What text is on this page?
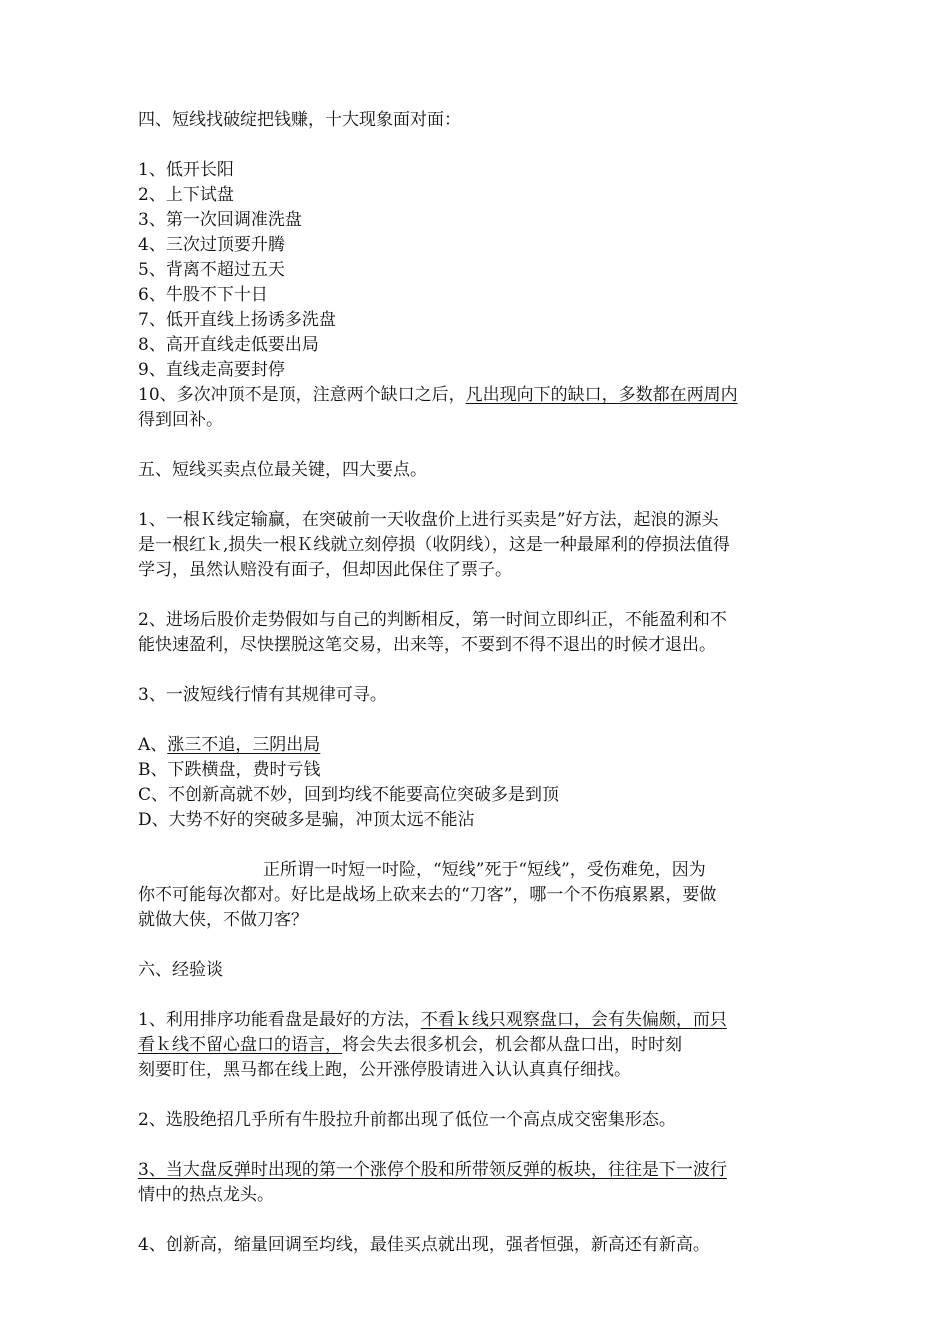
四、短线找破绽把钱赚，十大现象面对面：

1、低开长阳

2、上下试盘

3、第一次回调准洗盘

4、三次过顶要升腾

5、背离不超过五天

6、牛股不下十日

7、低开直线上扬诱多洗盘

8、高开直线走低要出局

9、直线走高要封停

10、多次冲顶不是顶，注意两个缺口之后，凡出现向下的缺口，多数都在两周内

得到回补。

五、短线买卖点位最关键，四大要点。

1、一根Ｋ线定输赢，在突破前一天收盘价上进行买卖是”好方法，起浪的源头

是一根红ｋ,损失一根Ｋ线就立刻停损（收阴线），这是一种最犀利的停损法值得

学习，虽然认赔没有面子，但却因此保住了票子。

2、进场后股价走势假如与自己的判断相反，第一时间立即纠正，不能盈利和不

能快速盈利，尽快摆脱这笔交易，出来等，不要到不得不退出的时候才退出。

3、一波短线行情有其规律可寻。

A、涨三不追，三阴出局

B、下跌横盘，费时亏钱

C、不创新高就不妙，回到均线不能要高位突破多是到顶

D、大势不好的突破多是骗，冲顶太远不能沾

正所谓一吋短一吋险，“短线”死于“短线”，受伤难免，因为

你不可能每次都对。好比是战场上砍来去的“刀客”，哪一个不伤痕累累，要做

就做大侠，不做刀客？

六、经验谈

1、利用排序功能看盘是最好的方法，不看ｋ线只观察盘口，会有失偏颇，而只

看ｋ线不留心盘口的语言，将会失去很多机会，机会都从盘口出，时时刻

刻要盯住，黑马都在线上跑，公开涨停股请进入认认真真仔细找。

2、选股绝招几乎所有牛股拉升前都出现了低位一个高点成交密集形态。

3、当大盘反弹时出现的第一个涨停个股和所带领反弹的板块，往往是下一波行

情中的热点龙头。

4、创新高，缩量回调至均线，最佳买点就出现，强者恒强，新高还有新高。
